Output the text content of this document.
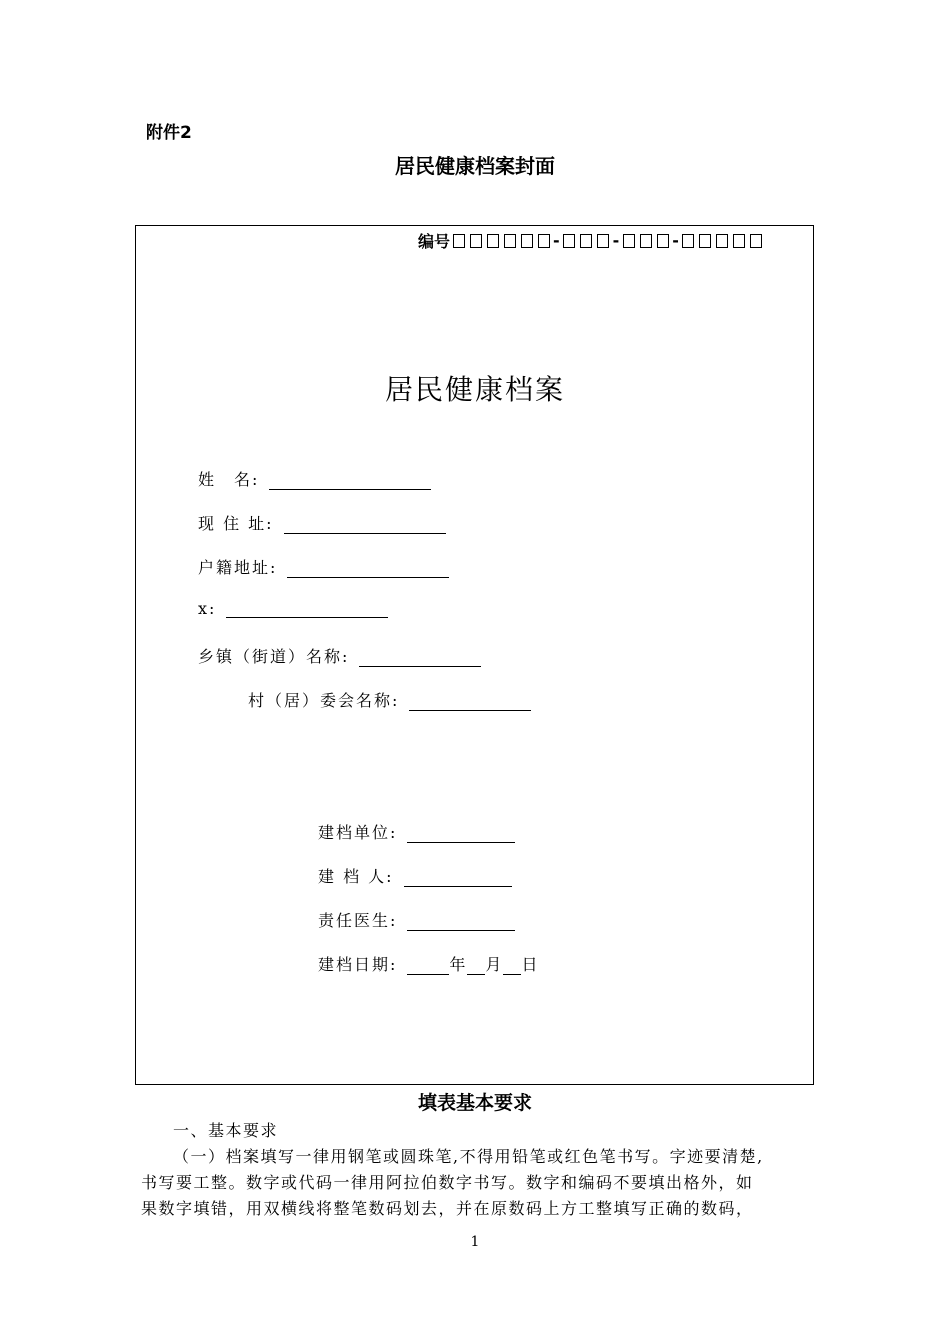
附件2
居民健康档案封面
编号	-	-	-
居民健康档案
姓　名:
现 住 址:
户籍地址:
x:
乡镇（街道）名称:
村（居）委会名称:
建档单位:
建 档 人:
责任医生:
建档日期:	年 月 日
填表基本要求
一、基本要求
（一）档案填写一律用钢笔或圆珠笔,不得用铅笔或红色笔书写。字迹要清楚,
书写要工整。数字或代码一律用阿拉伯数字书写。数字和编码不要填出格外，如
果数字填错，用双横线将整笔数码划去，并在原数码上方工整填写正确的数码，
1
